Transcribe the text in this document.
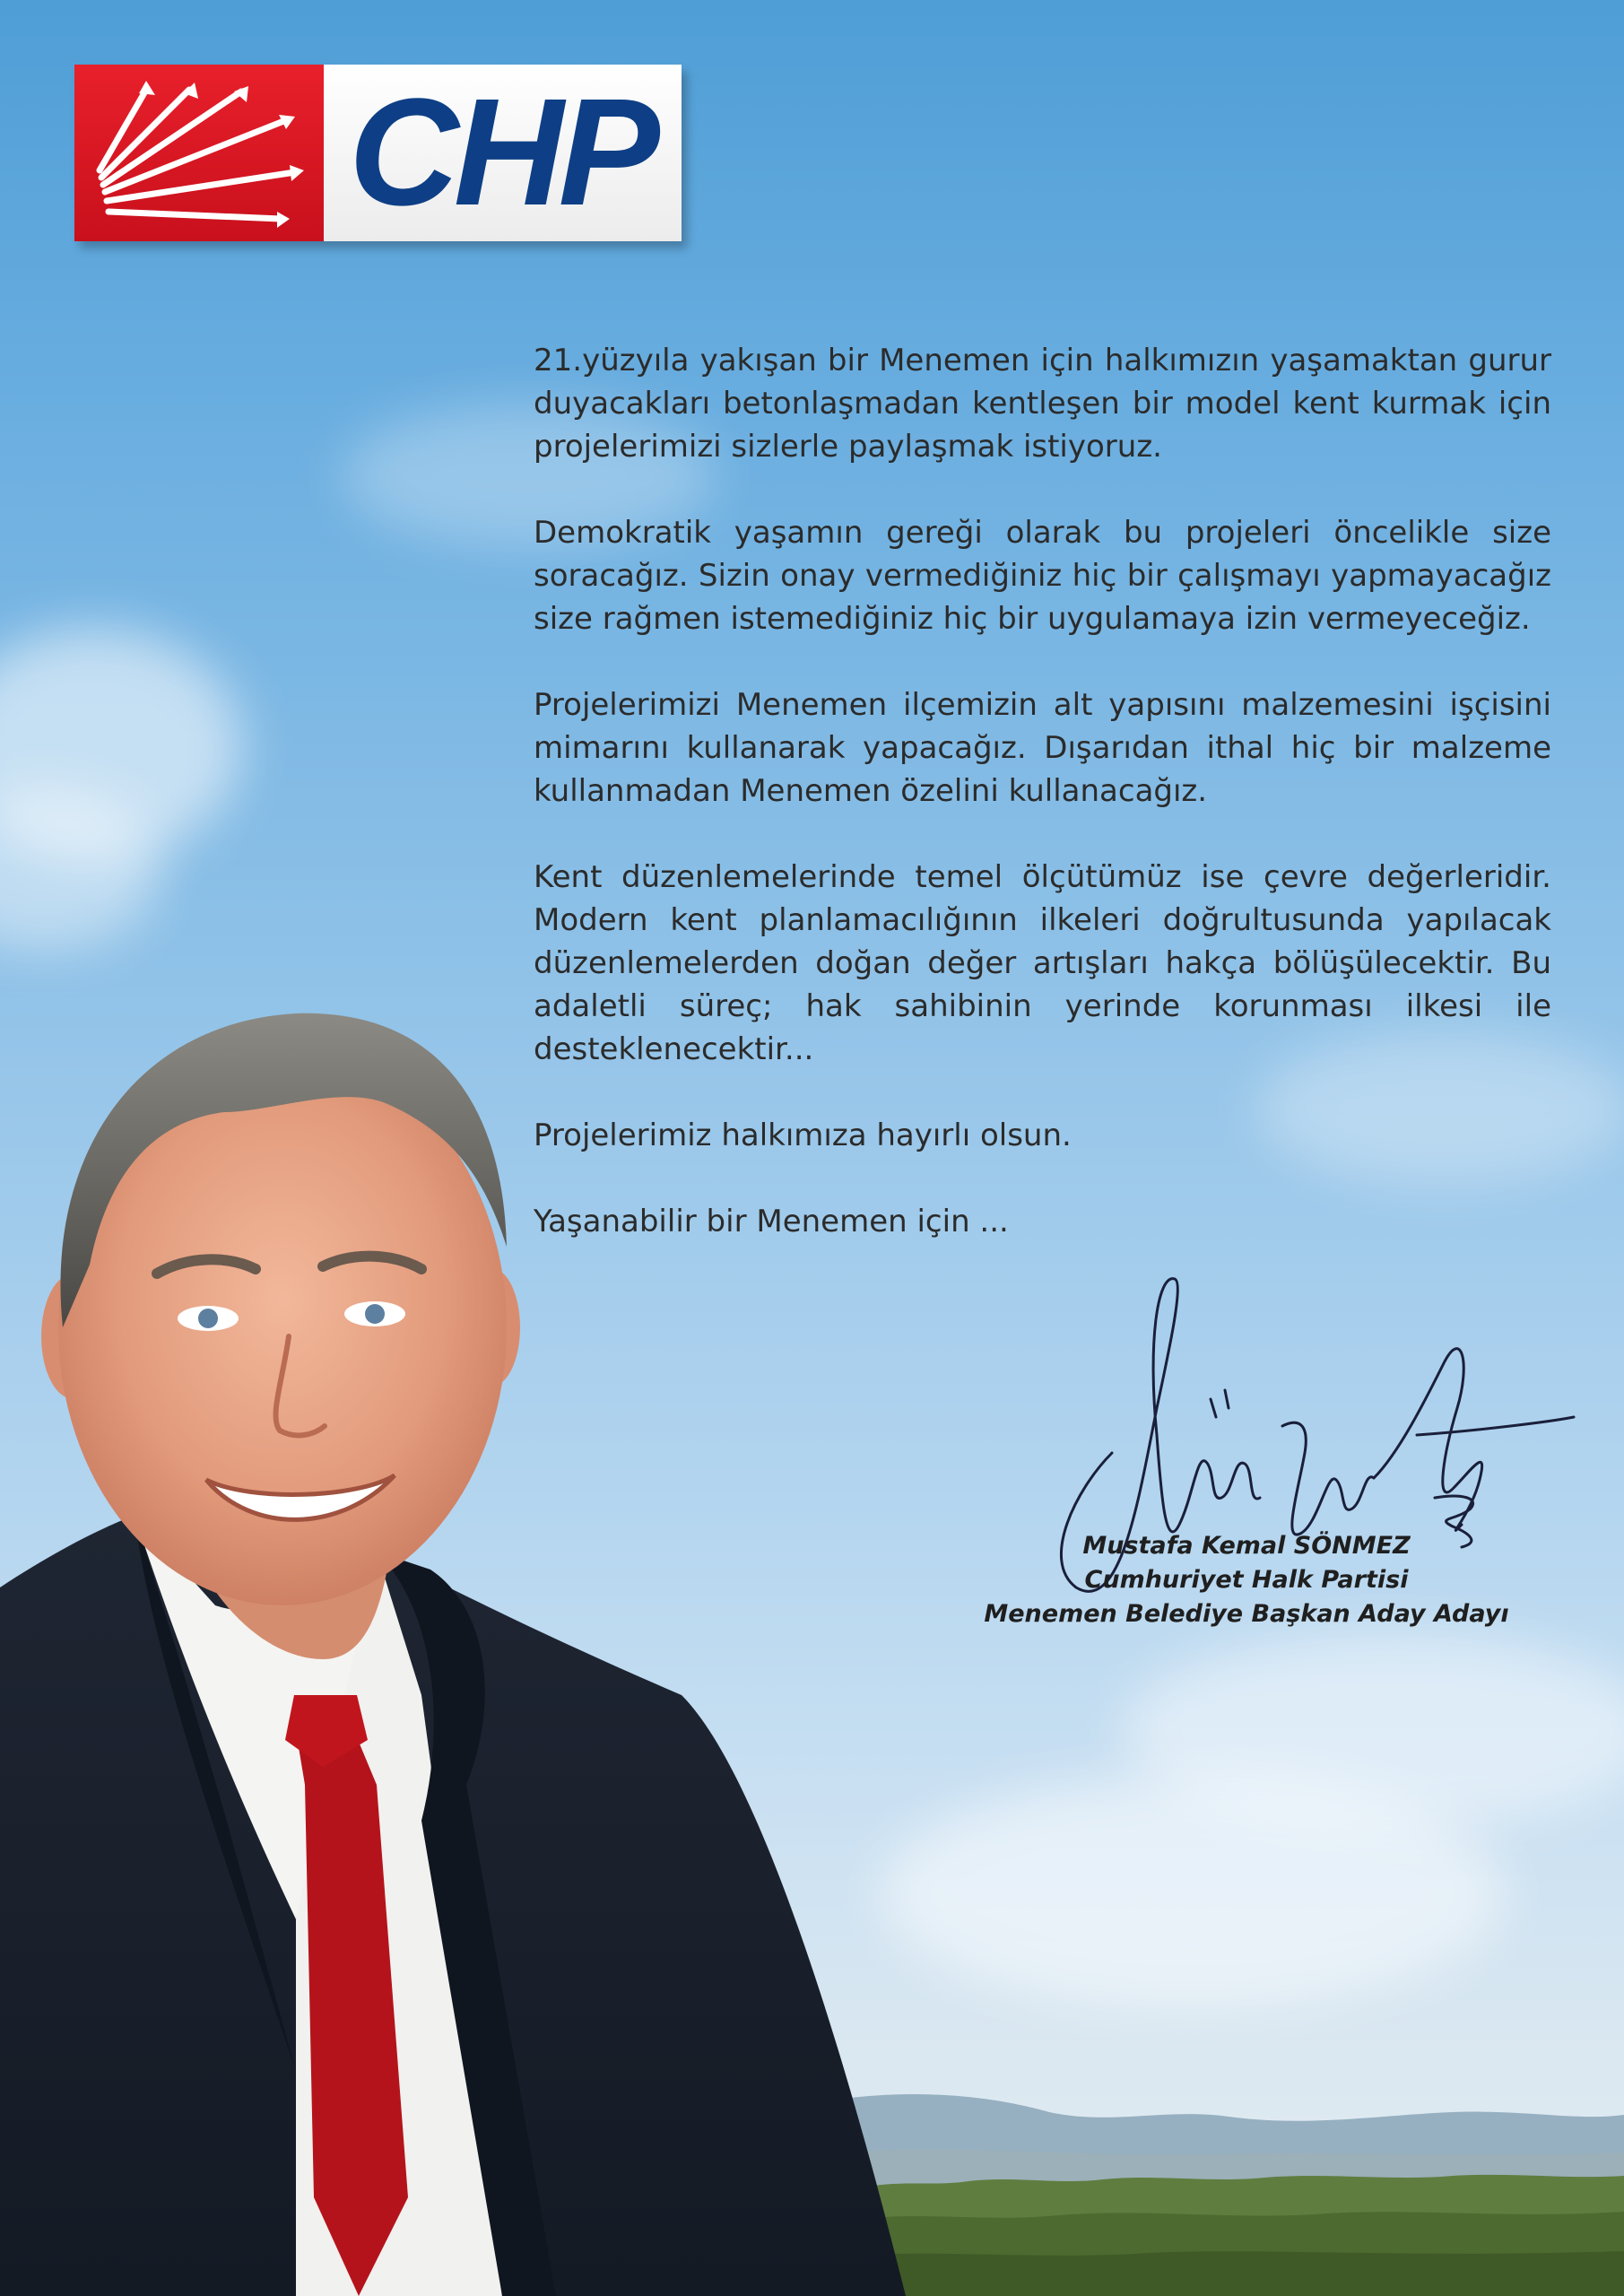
CHP

21.yüzyıla yakışan bir Menemen için halkımızın yaşamaktan gurur duyacakları betonlaşmadan kentleşen bir model kent kurmak için projelerimizi sizlerle paylaşmak istiyoruz.

Demokratik yaşamın gereği olarak bu projeleri öncelikle size soracağız. Sizin onay vermediğiniz hiç bir çalışmayı yapmayacağız size rağmen istemediğiniz hiç bir uygulamaya izin vermeyeceğiz.

Projelerimizi Menemen ilçemizin alt yapısını malzemesini işçisini mimarını kullanarak yapacağız. Dışarıdan ithal hiç bir malzeme kullanmadan Menemen özelini kullanacağız.

Kent düzenlemelerinde temel ölçütümüz ise çevre değerleridir. Modern kent planlamacılığının ilkeleri doğrultusunda yapılacak düzenlemelerden doğan değer artışları hakça bölüşülecektir. Bu adaletli süreç; hak sahibinin yerinde korunması ilkesi ile desteklenecektir...

Projelerimiz halkımıza hayırlı olsun.

Yaşanabilir bir Menemen için ...

Mustafa Kemal SÖNMEZ
Cumhuriyet Halk Partisi
Menemen Belediye Başkan Aday Adayı
